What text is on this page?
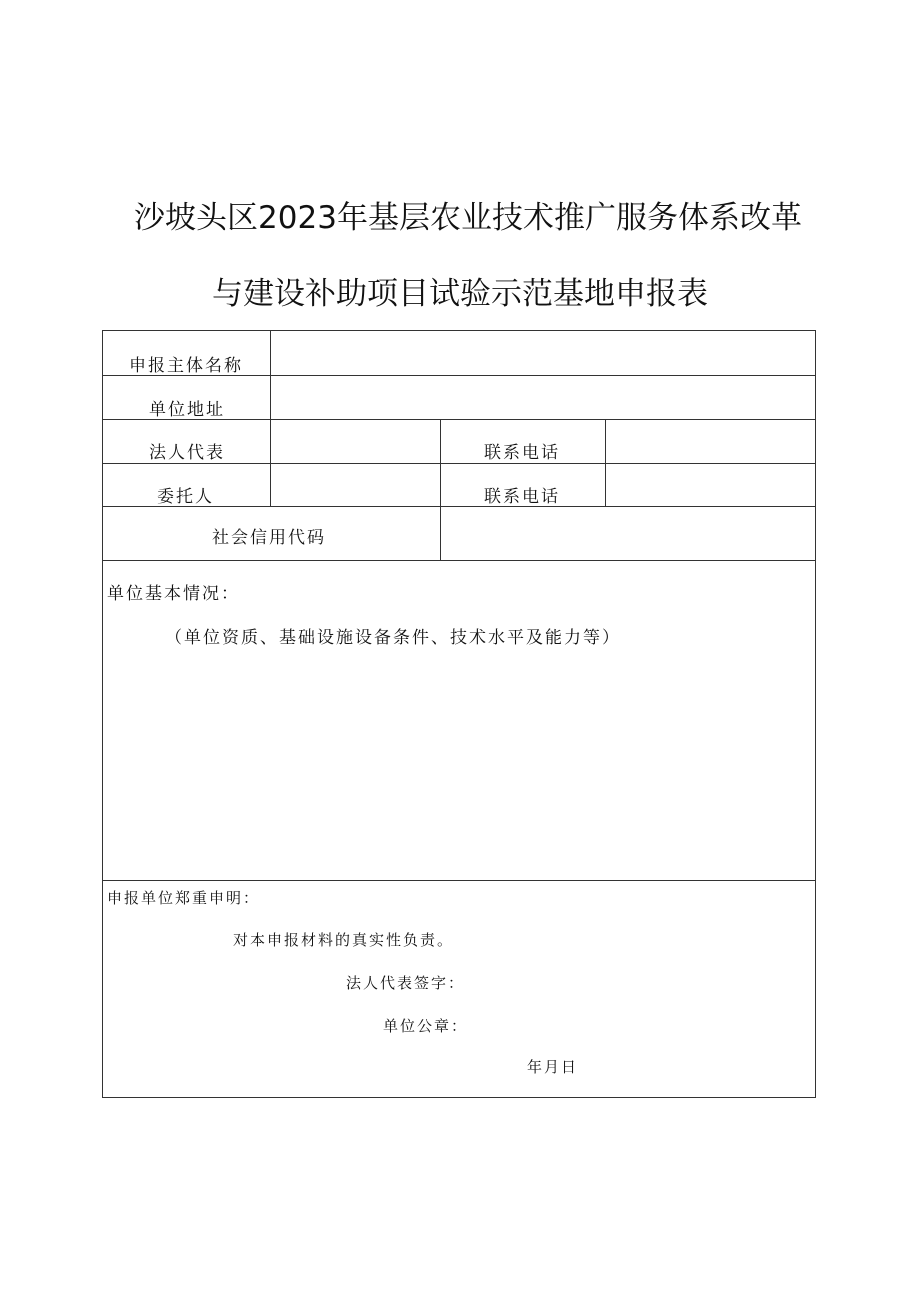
沙坡头区2023年基层农业技术推广服务体系改革
与建设补助项目试验示范基地申报表
申报主体名称
单位地址
法人代表	联系电话
委托人	联系电话
社会信用代码
单位基本情况：
（单位资质、基础设施设备条件、技术水平及能力等）
申报单位郑重申明：
对本申报材料的真实性负责。
法人代表签字：
单位公章：
年月日
